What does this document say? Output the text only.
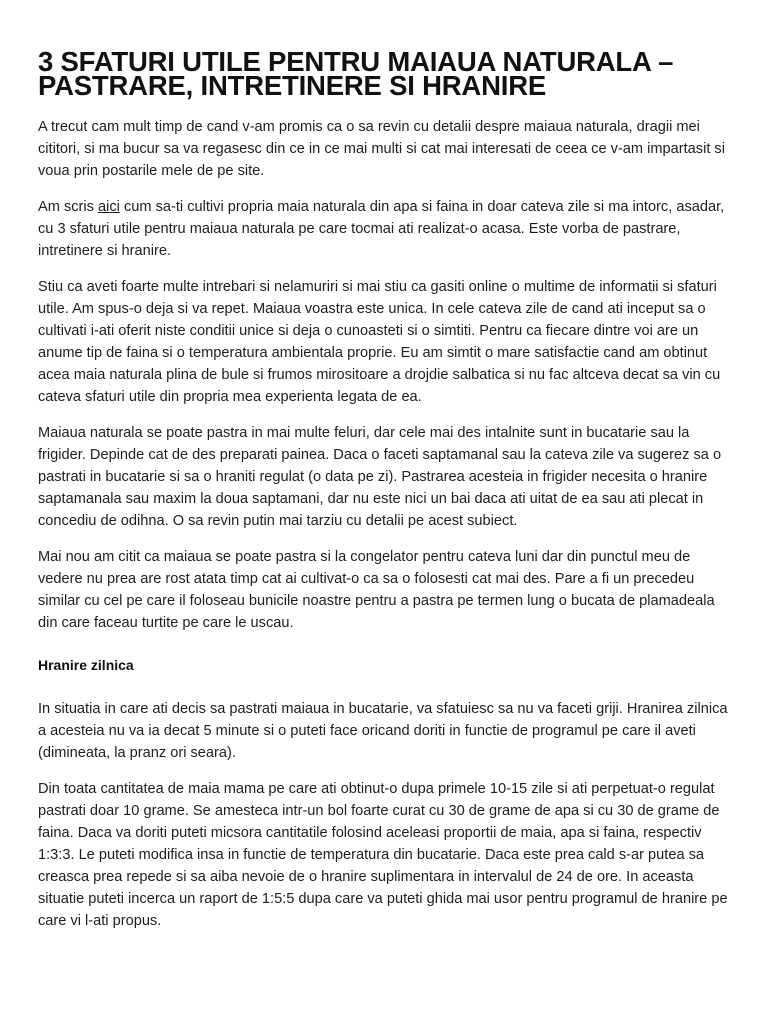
3 SFATURI UTILE PENTRU MAIAUA NATURALA – PASTRARE, INTRETINERE SI HRANIRE

A trecut cam mult timp de cand v-am promis ca o sa revin cu detalii despre maiaua naturala, dragii mei cititori, si ma bucur sa va regasesc din ce in ce mai multi si cat mai interesati de ceea ce v-am impartasit si voua prin postarile mele de pe site.

Am scris aici cum sa-ti cultivi propria maia naturala din apa si faina in doar cateva zile si ma intorc, asadar, cu 3 sfaturi utile pentru maiaua naturala pe care tocmai ati realizat-o acasa. Este vorba de pastrare, intretinere si hranire.

Stiu ca aveti foarte multe intrebari si nelamuriri si mai stiu ca gasiti online o multime de informatii si sfaturi utile. Am spus-o deja si va repet. Maiaua voastra este unica. In cele cateva zile de cand ati inceput sa o cultivati i-ati oferit niste conditii unice si deja o cunoasteti si o simtiti. Pentru ca fiecare dintre voi are un anume tip de faina si o temperatura ambientala proprie. Eu am simtit o mare satisfactie cand am obtinut acea maia naturala plina de bule si frumos mirositoare a drojdie salbatica si nu fac altceva decat sa vin cu cateva sfaturi utile din propria mea experienta legata de ea.

Maiaua naturala se poate pastra in mai multe feluri, dar cele mai des intalnite sunt in bucatarie sau la frigider. Depinde cat de des preparati painea. Daca o faceti saptamanal sau la cateva zile va sugerez sa o pastrati in bucatarie si sa o hraniti regulat (o data pe zi). Pastrarea acesteia in frigider necesita o hranire saptamanala sau maxim la doua saptamani, dar nu este nici un bai daca ati uitat de ea sau ati plecat in concediu de odihna. O sa revin putin mai tarziu cu detalii pe acest subiect.

Mai nou am citit ca maiaua se poate pastra si la congelator pentru cateva luni dar din punctul meu de vedere nu prea are rost atata timp cat ai cultivat-o ca sa o folosesti cat mai des. Pare a fi un precedeu similar cu cel pe care il foloseau bunicile noastre pentru a pastra pe termen lung o bucata de plamadeala din care faceau turtite pe care le uscau.

Hranire zilnica

In situatia in care ati decis sa pastrati maiaua in bucatarie, va sfatuiesc sa nu va faceti griji. Hranirea zilnica a acesteia nu va ia decat 5 minute si o puteti face oricand doriti in functie de programul pe care il aveti (dimineata, la pranz ori seara).

Din toata cantitatea de maia mama pe care ati obtinut-o dupa primele 10-15 zile si ati perpetuat-o regulat pastrati doar 10 grame. Se amesteca intr-un bol foarte curat cu 30 de grame de apa si cu 30 de grame de faina. Daca va doriti puteti micsora cantitatile folosind aceleasi proportii de maia, apa si faina, respectiv 1:3:3. Le puteti modifica insa in functie de temperatura din bucatarie. Daca este prea cald s-ar putea sa creasca prea repede si sa aiba nevoie de o hranire suplimentara in intervalul de 24 de ore. In aceasta situatie puteti incerca un raport de 1:5:5 dupa care va puteti ghida mai usor pentru programul de hranire pe care vi l-ati propus.
